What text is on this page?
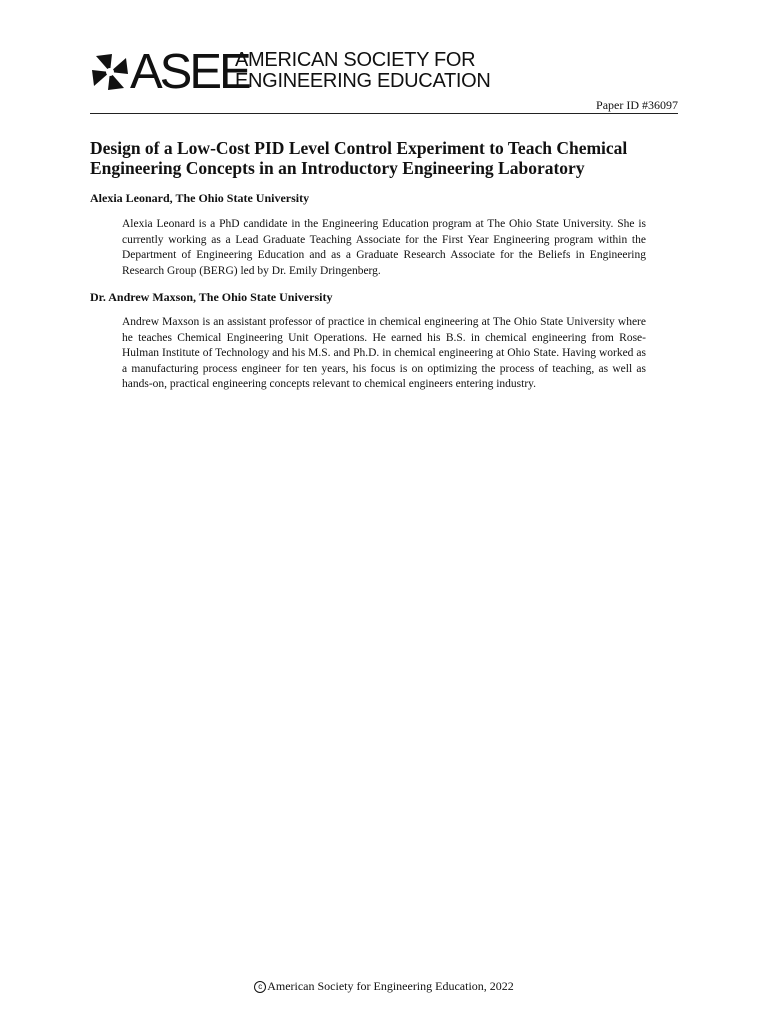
ASEE
AMERICAN SOCIETY FOR
ENGINEERING EDUCATION
Paper ID #36097
Design of a Low-Cost PID Level Control Experiment to Teach Chemical Engineering Concepts in an Introductory Engineering Laboratory

Alexia Leonard, The Ohio State University

Alexia Leonard is a PhD candidate in the Engineering Education program at The Ohio State University. She is currently working as a Lead Graduate Teaching Associate for the First Year Engineering program within the Department of Engineering Education and as a Graduate Research Associate for the Beliefs in Engineering Research Group (BERG) led by Dr. Emily Dringenberg.

Dr. Andrew Maxson, The Ohio State University

Andrew Maxson is an assistant professor of practice in chemical engineering at The Ohio State University where he teaches Chemical Engineering Unit Operations. He earned his B.S. in chemical engineering from Rose-Hulman Institute of Technology and his M.S. and Ph.D. in chemical engineering at Ohio State. Having worked as a manufacturing process engineer for ten years, his focus is on optimizing the process of teaching, as well as hands-on, practical engineering concepts relevant to chemical engineers entering industry.

c American Society for Engineering Education, 2022
